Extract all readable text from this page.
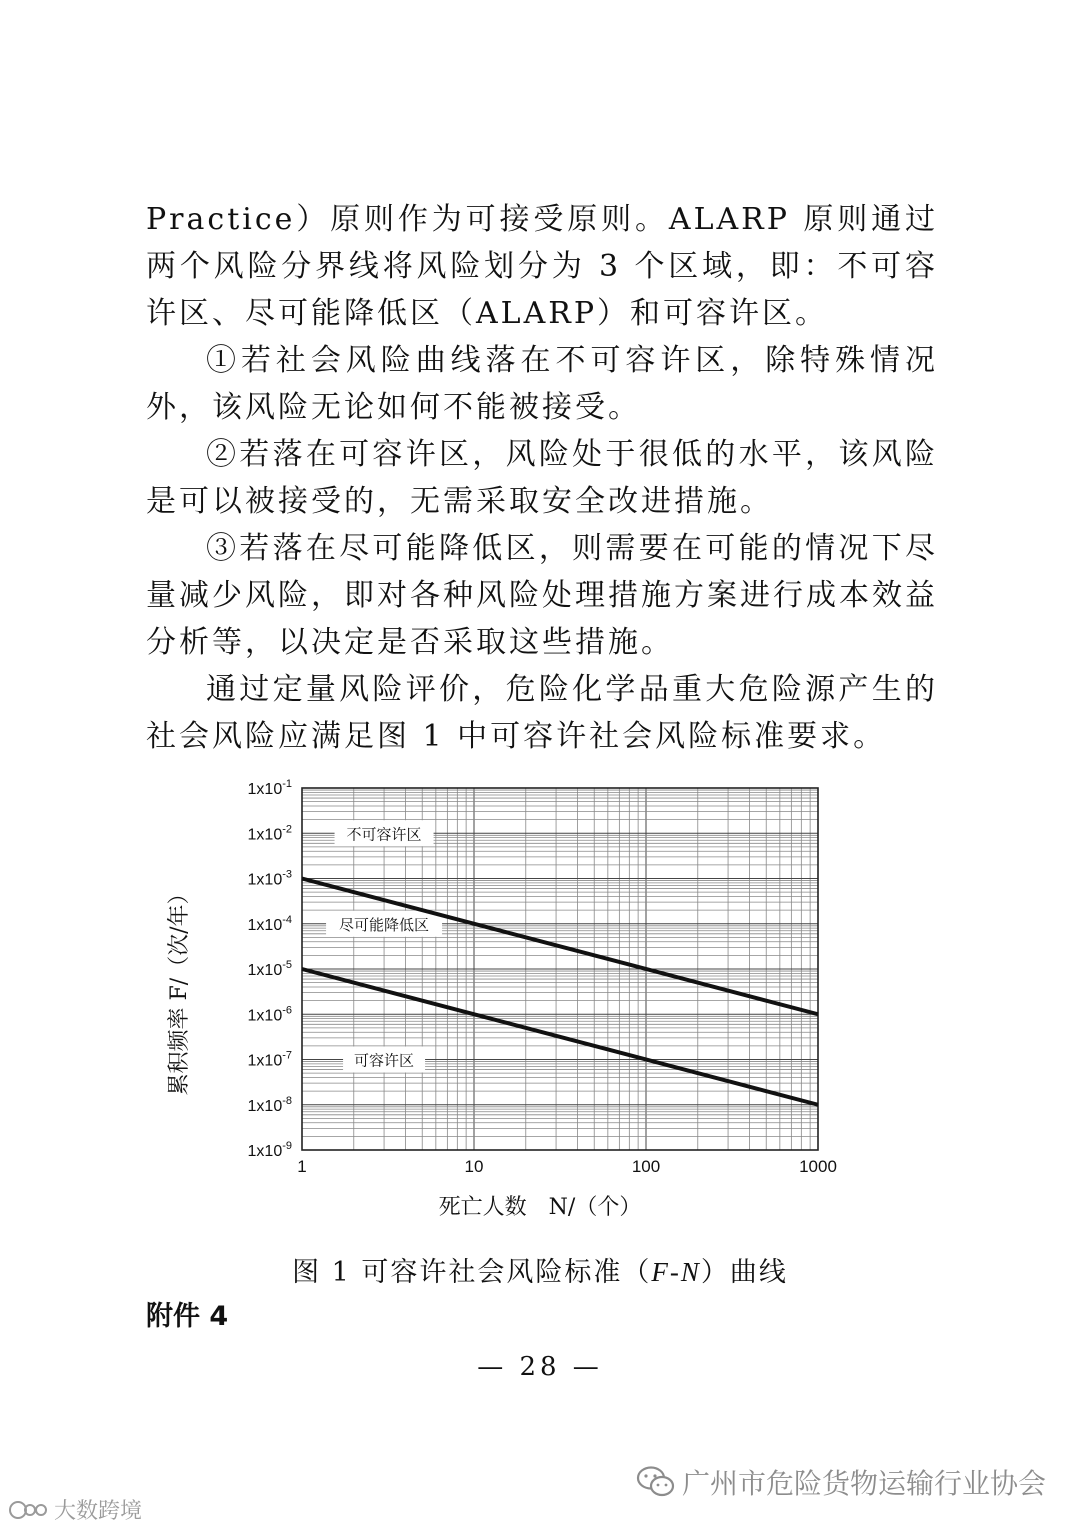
Practice）原则作为可接受原则。ALARP 原则通过两个风险分界线将风险划分为 3 个区域，即：不可容许区、尽可能降低区（ALARP）和可容许区。

①若社会风险曲线落在不可容许区，除特殊情况外，该风险无论如何不能被接受。

②若落在可容许区，风险处于很低的水平，该风险是可以被接受的，无需采取安全改进措施。

③若落在尽可能降低区，则需要在可能的情况下尽量减少风险，即对各种风险处理措施方案进行成本效益分析等，以决定是否采取这些措施。

通过定量风险评价，危险化学品重大危险源产生的社会风险应满足图 1 中可容许社会风险标准要求。

不可容许区
尽可能降低区
可容许区
$1x10^{-1}$
$1x10^{-2}$
$1x10^{-3}$
$1x10^{-4}$
$1x10^{-5}$
$1x10^{-6}$
$1x10^{-7}$
$1x10^{-8}$
$1x10^{-9}$
1	10	100	1000
死亡人数　N/（个）
累积频率 F/（次/年）
图 1 可容许社会风险标准（F-N）曲线
附件 4
— 28 —
广州市危险货物运输行业协会
大数跨境
